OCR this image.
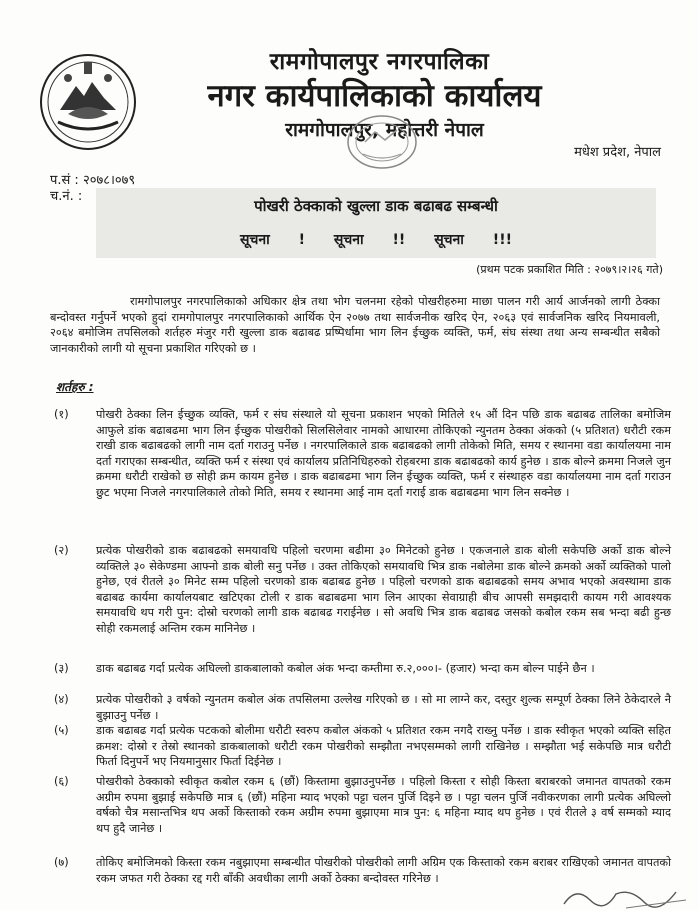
रामगोपालपुर नगरपालिका
नगर कार्यपालिकाको कार्यालय
रामगोपालपुर, महोत्तरी नेपाल
मधेश प्रदेश, नेपाल
प.सं : २०७८।०७९
च.नं. :
पोखरी ठेक्काको खुल्ला डाक बढाबढ सम्बन्धी
सूचना ! सूचना !! सूचना !!!
(प्रथम पटक प्रकाशित मिति : २०७९।२।२६ गते)
रामगोपालपुर नगरपालिकाको अधिकार क्षेत्र तथा भोग चलनमा रहेको पोखरीहरुमा माछा पालन गरी आर्य आर्जनको लागी ठेक्का बन्दोवस्त गर्नुपर्ने भएको हुदां रामगोपालपुर नगरपालिकाको आर्थिक ऐन २०७७ तथा सार्वजनीक खरिद ऐन, २०६३ एवं सार्वजनिक खरिद नियमावली, २०६४ बमोजिम तपसिलको शर्तहरु मंजुर गरी खुल्ला डाक बढाबढ प्रष्पिर्धामा भाग लिन ईच्छुक व्यक्ति, फर्म, संघ संस्था तथा अन्य सम्बन्धीत सबैको जानकारीको लागी यो सूचना प्रकाशित गरिएको छ ।
शर्तहरु :
(१) पोखरी ठेक्का लिन ईच्छुक व्यक्ति, फर्म र संघ संस्थाले यो सूचना प्रकाशन भएको मितिले १५ औं दिन पछि डाक बढाबढ तालिका बमोजिम आफुले डांक बढाबढमा भाग लिन ईच्छुक पोखरीको सिलसिलेवार नामको आधारमा तोकिएको न्युनतम ठेक्का अंकको (५ प्रतिशत) धरौटी रकम राखी डाक बढाबढको लागी नाम दर्ता गराउनु पर्नेछ । नगरपालिकाले डाक बढाबढको लागी तोकेको मिति, समय र स्थानमा वडा कार्यालयमा नाम दर्ता गराएका सम्बन्धीत, व्यक्ति फर्म र संस्था एवं कार्यालय प्रतिनिधिहरुको रोहबरमा डाक बढाबढको कार्य हुनेछ । डाक बोल्ने क्रममा निजले जुन क्रममा धरौटी राखेको छ सोही क्रम कायम हुनेछ । डाक बढाबढमा भाग लिन ईच्छुक व्यक्ति, फर्म र संस्थाहरु वडा कार्यालयमा नाम दर्ता गराउन छुट भएमा निजले नगरपालिकाले तोको मिति, समय र स्थानमा आई नाम दर्ता गराई डाक बढाबढमा भाग लिन सक्नेछ ।
(२) प्रत्येक पोखरीको डाक बढाबढको समयावधि पहिलो चरणमा बढीमा ३० मिनेटको हुनेछ । एकजनाले डाक बोली सकेपछि अर्को डाक बोल्ने व्यक्तिले ३० सेकेण्डमा आफ्नो डाक बोली सनु पर्नेछ । उक्त तोकिएको समयावधि भित्र डाक नबोलेमा डाक बोल्ने क्रमको अर्को व्यक्तिको पालो हुनेछ, एवं रीतले ३० मिनेट सम्म पहिलो चरणको डाक बढाबढ हुनेछ । पहिलो चरणको डाक बढाबढको समय अभाव भएको अवस्थामा डाक बढाबढ कार्यमा कार्यालयबाट खटिएका टोली र डाक बढाबढमा भाग लिन आएका सेवाग्राही बीच आपसी समझदारी कायम गरी आवश्यक समयावधि थप गरी पुन: दोस्रो चरणको लागी डाक बढाबढ गराईनेछ । सो अवधि भित्र डाक बढाबढ जसको कबोल रकम सब भन्दा बढी हुन्छ सोही रकमलाई अन्तिम रकम मानिनेछ ।
(३) डाक बढाबढ गर्दा प्रत्येक अघिल्लो डाकबालाको कबोल अंक भन्दा कम्तीमा रु.२,०००।- (हजार) भन्दा कम बोल्न पाईने छैन ।
(४) प्रत्येक पोखरीको ३ वर्षको न्युनतम कबोल अंक तपसिलमा उल्लेख गरिएको छ । सो मा लाग्ने कर, दस्तुर शुल्क सम्पूर्ण ठेक्का लिने ठेकेदारले नै बुझाउनु पर्नेछ ।
(५) डाक बढाबढ गर्दा प्रत्येक पटकको बोलीमा धरौटी स्वरुप कबोल अंकको ५ प्रतिशत रकम नगदै राख्नु पर्नेछ । डाक स्वीकृत भएको व्यक्ति सहित क्रमश: दोस्रो र तेस्रो स्थानको डाकबालाको धरौटी रकम पोखरीको सम्झौता नभएसम्मको लागी राखिनेछ । सम्झौता भई सकेपछि मात्र धरौटी फिर्ता दिनुपर्ने भए नियमानुसार फिर्ता दिईनेछ ।
(६) पोखरीको ठेक्काको स्वीकृत कबोल रकम ६ (छौं) किस्तामा बुझाउनुपर्नेछ । पहिलो किस्ता र सोही किस्ता बराबरको जमानत वापतको रकम अग्रीम रुपमा बुझाई सकेपछि मात्र ६ (छौं) महिना म्याद भएको पट्टा चलन पुर्जि दिइने छ । पट्टा चलन पुर्जि नवीकरणका लागी प्रत्येक अघिल्लो वर्षको चैत्र मसान्तभित्र थप अर्को किस्ताको रकम अग्रीम रुपमा बुझाएमा मात्र पुन: ६ महिना म्याद थप हुनेछ । एवं रीतले ३ वर्ष सम्मको म्याद थप हुदै जानेछ ।
(७) तोकिए बमोजिमको किस्ता रकम नबुझाएमा सम्बन्धीत पोखरीको पोखरीको लागी अग्रिम एक किस्ताको रकम बराबर राखिएको जमानत वापतको रकम जफत गरी ठेक्का रद्द गरी बाँकी अवधीका लागी अर्को ठेक्का बन्दोवस्त गरिनेछ ।
